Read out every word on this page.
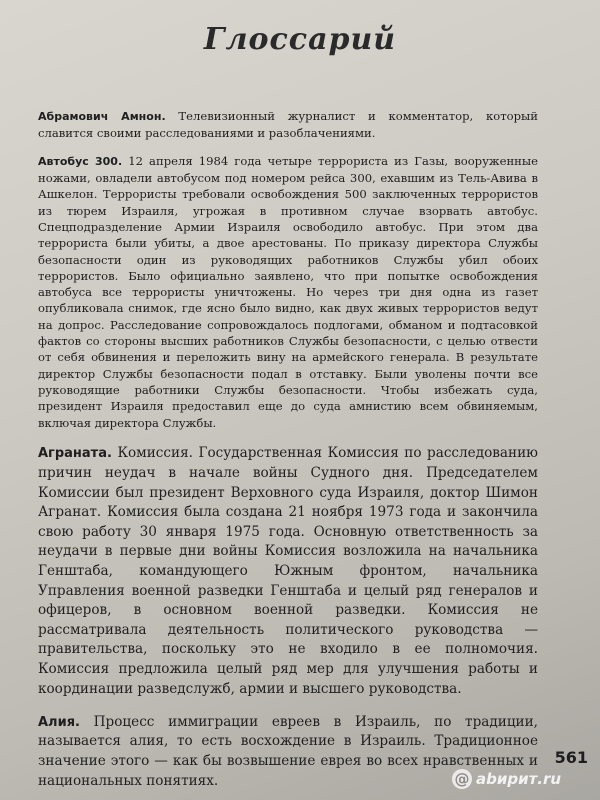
Глоссарий

Абрамович Амнон. Телевизионный журналист и комментатор, который славится своими расследованиями и разоблачениями.

Автобус 300. 12 апреля 1984 года четыре террориста из Газы, вооруженные ножами, овладели автобусом под номером рейса 300, ехавшим из Тель-Авива в Ашкелон. Террористы требовали освобождения 500 заключенных террористов из тюрем Израиля, угрожая в противном случае взорвать автобус. Спецподразделение Армии Израиля освободило автобус. При этом два террориста были убиты, а двое арестованы. По приказу директора Службы безопасности один из руководящих работников Службы убил обоих террористов. Было официально заявлено, что при попытке освобождения автобуса все террористы уничтожены. Но через три дня одна из газет опубликовала снимок, где ясно было видно, как двух живых террористов ведут на допрос. Расследование сопровождалось подлогами, обманом и подтасовкой фактов со стороны высших работников Службы безопасности, с целью отвести от себя обвинения и переложить вину на армейского генерала. В результате директор Службы безопасности подал в отставку. Были уволены почти все руководящие работники Службы безопасности. Чтобы избежать суда, президент Израиля предоставил еще до суда амнистию всем обвиняемым, включая директора Службы.

Аграната. Комиссия. Государственная Комиссия по расследованию причин неудач в начале войны Судного дня. Председателем Комиссии был президент Верховного суда Израиля, доктор Шимон Агранат. Комиссия была создана 21 ноября 1973 года и закончила свою работу 30 января 1975 года. Основную ответственность за неудачи в первые дни войны Комиссия возложила на начальника Генштаба, командующего Южным фронтом, начальника Управления военной разведки Генштаба и целый ряд генералов и офицеров, в основном военной разведки. Комиссия не рассматривала деятельность политического руководства — правительства, поскольку это не входило в ее полномочия. Комиссия предложила целый ряд мер для улучшения работы и координации разведслужб, армии и высшего руководства.

Алия. Процесс иммиграции евреев в Израиль, по традиции, называется алия, то есть восхождение в Израиль. Традиционное значение этого — как бы возвышение еврея во всех нравственных и национальных понятиях.

561
@ abирит.ru
